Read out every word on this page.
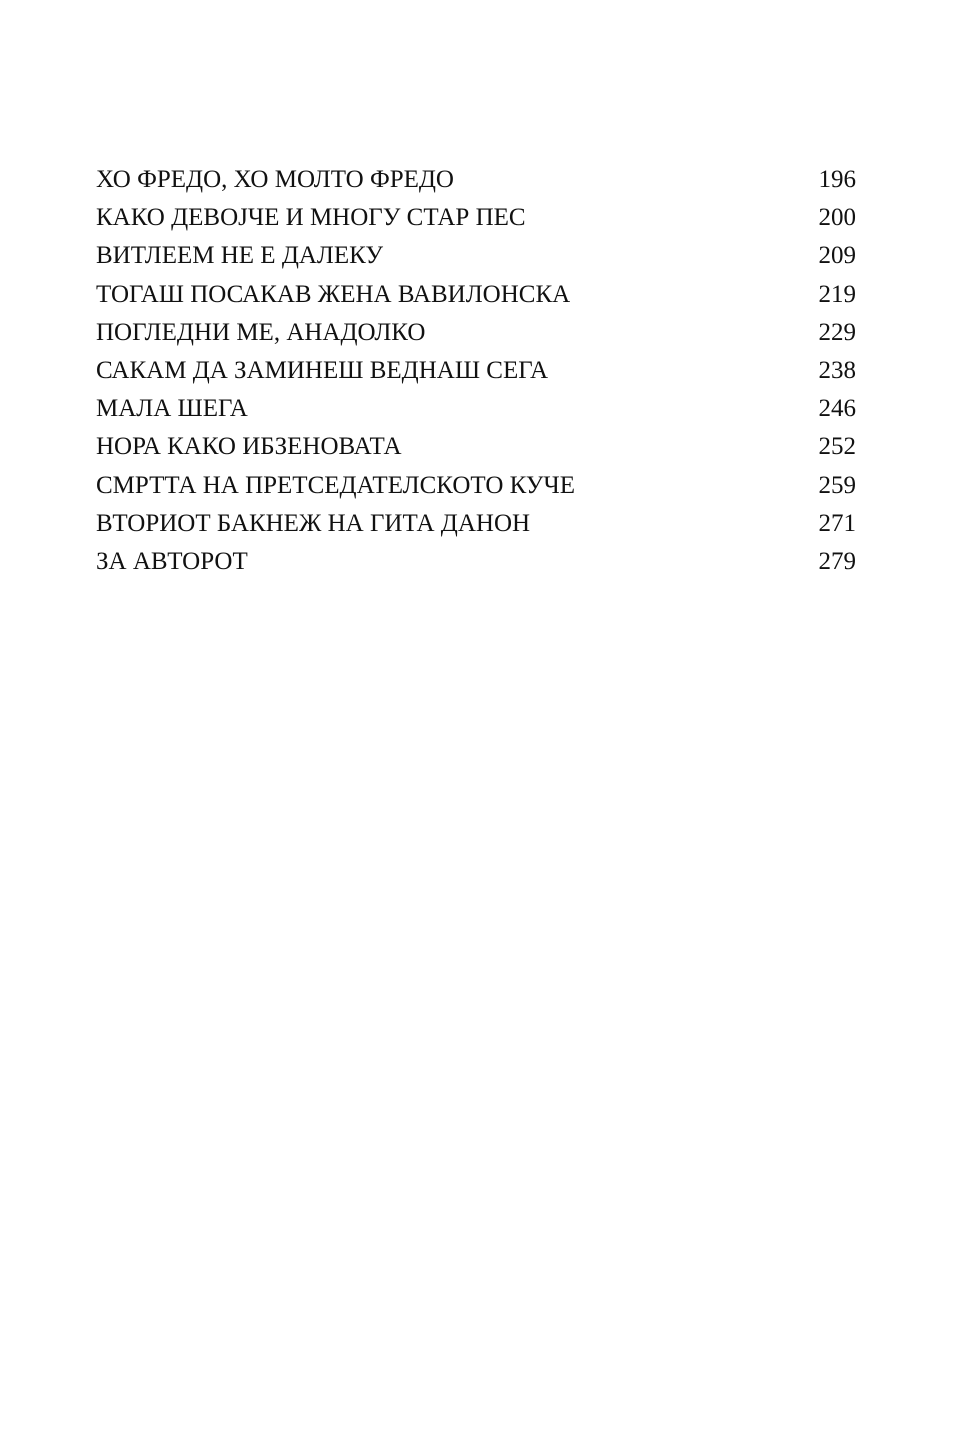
ХО ФРЕДО, ХО МОЛТО ФРЕДО	196
КАКО ДЕВОЈЧЕ И МНОГУ СТАР ПЕС	200
ВИТЛЕЕМ НЕ Е ДАЛЕКУ	209
ТОГАШ ПОСАКАВ ЖЕНА ВАВИЛОНСКА	219
ПОГЛЕДНИ МЕ, АНАДОЛКО	229
САКАМ ДА ЗАМИНЕШ ВЕДНАШ СЕГА	238
МАЛА ШЕГА	246
НОРА КАКО ИБЗЕНОВАТА	252
СМРТТА НА ПРЕТСЕДАТЕЛСКОТО КУЧЕ	259
ВТОРИОТ БАКНЕЖ НА ГИТА ДАНОН	271
ЗА АВТОРОТ	279
